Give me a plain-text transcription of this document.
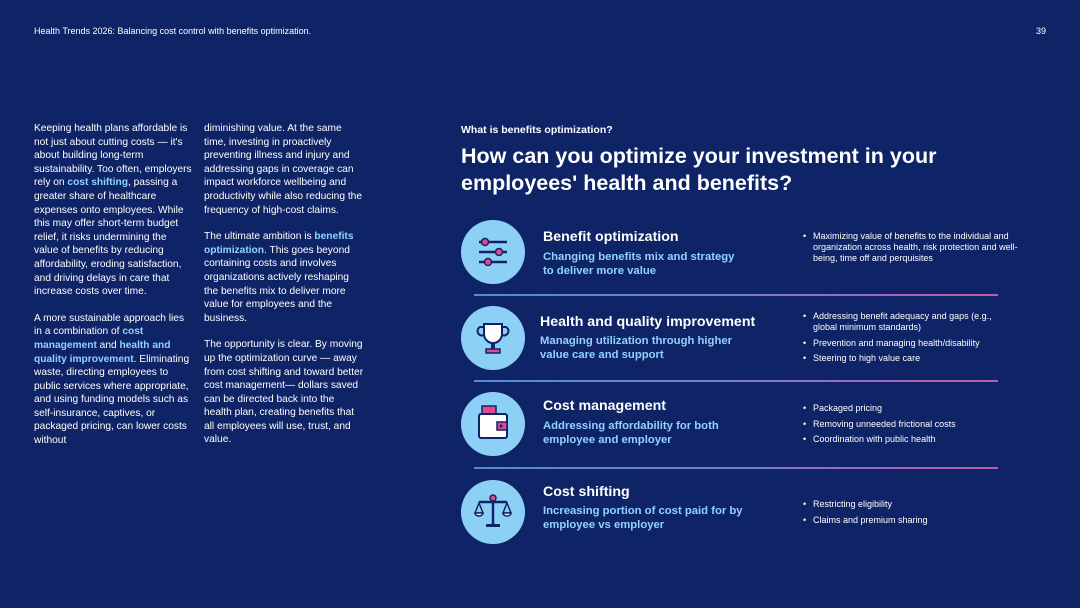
Health Trends 2026: Balancing cost control with benefits optimization.	39

Keeping health plans affordable is not just about cutting costs — it's about building long-term sustainability. Too often, employers rely on cost shifting, passing a greater share of healthcare expenses onto employees. While this may offer short-term budget relief, it risks undermining the value of benefits by reducing affordability, eroding satisfaction, and driving delays in care that increase costs over time.

A more sustainable approach lies in a combination of cost management and health and quality improvement. Eliminating waste, directing employees to public services where appropriate, and using funding models such as self-insurance, captives, or packaged pricing, can lower costs without

diminishing value. At the same time, investing in proactively preventing illness and injury and addressing gaps in coverage can impact workforce wellbeing and productivity while also reducing the frequency of high-cost claims.

The ultimate ambition is benefits optimization. This goes beyond containing costs and involves organizations actively reshaping the benefits mix to deliver more value for employees and the business.

The opportunity is clear. By moving up the optimization curve — away from cost shifting and toward better cost management— dollars saved can be directed back into the health plan, creating benefits that all employees will use, trust, and value.

What is benefits optimization?
How can you optimize your investment in your employees' health and benefits?
Benefit optimization
Changing benefits mix and strategy to deliver more value
• Maximizing value of benefits to the individual and organization across health, risk protection and well-being, time off and perquisites
Health and quality improvement
Managing utilization through higher value care and support
• Addressing benefit adequacy and gaps (e.g., global minimum standards)
• Prevention and managing health/disability
• Steering to high value care
Cost management
Addressing affordability for both employee and employer
• Packaged pricing
• Removing unneeded frictional costs
• Coordination with public health
Cost shifting
Increasing portion of cost paid for by employee vs employer
• Restricting eligibility
• Claims and premium sharing
